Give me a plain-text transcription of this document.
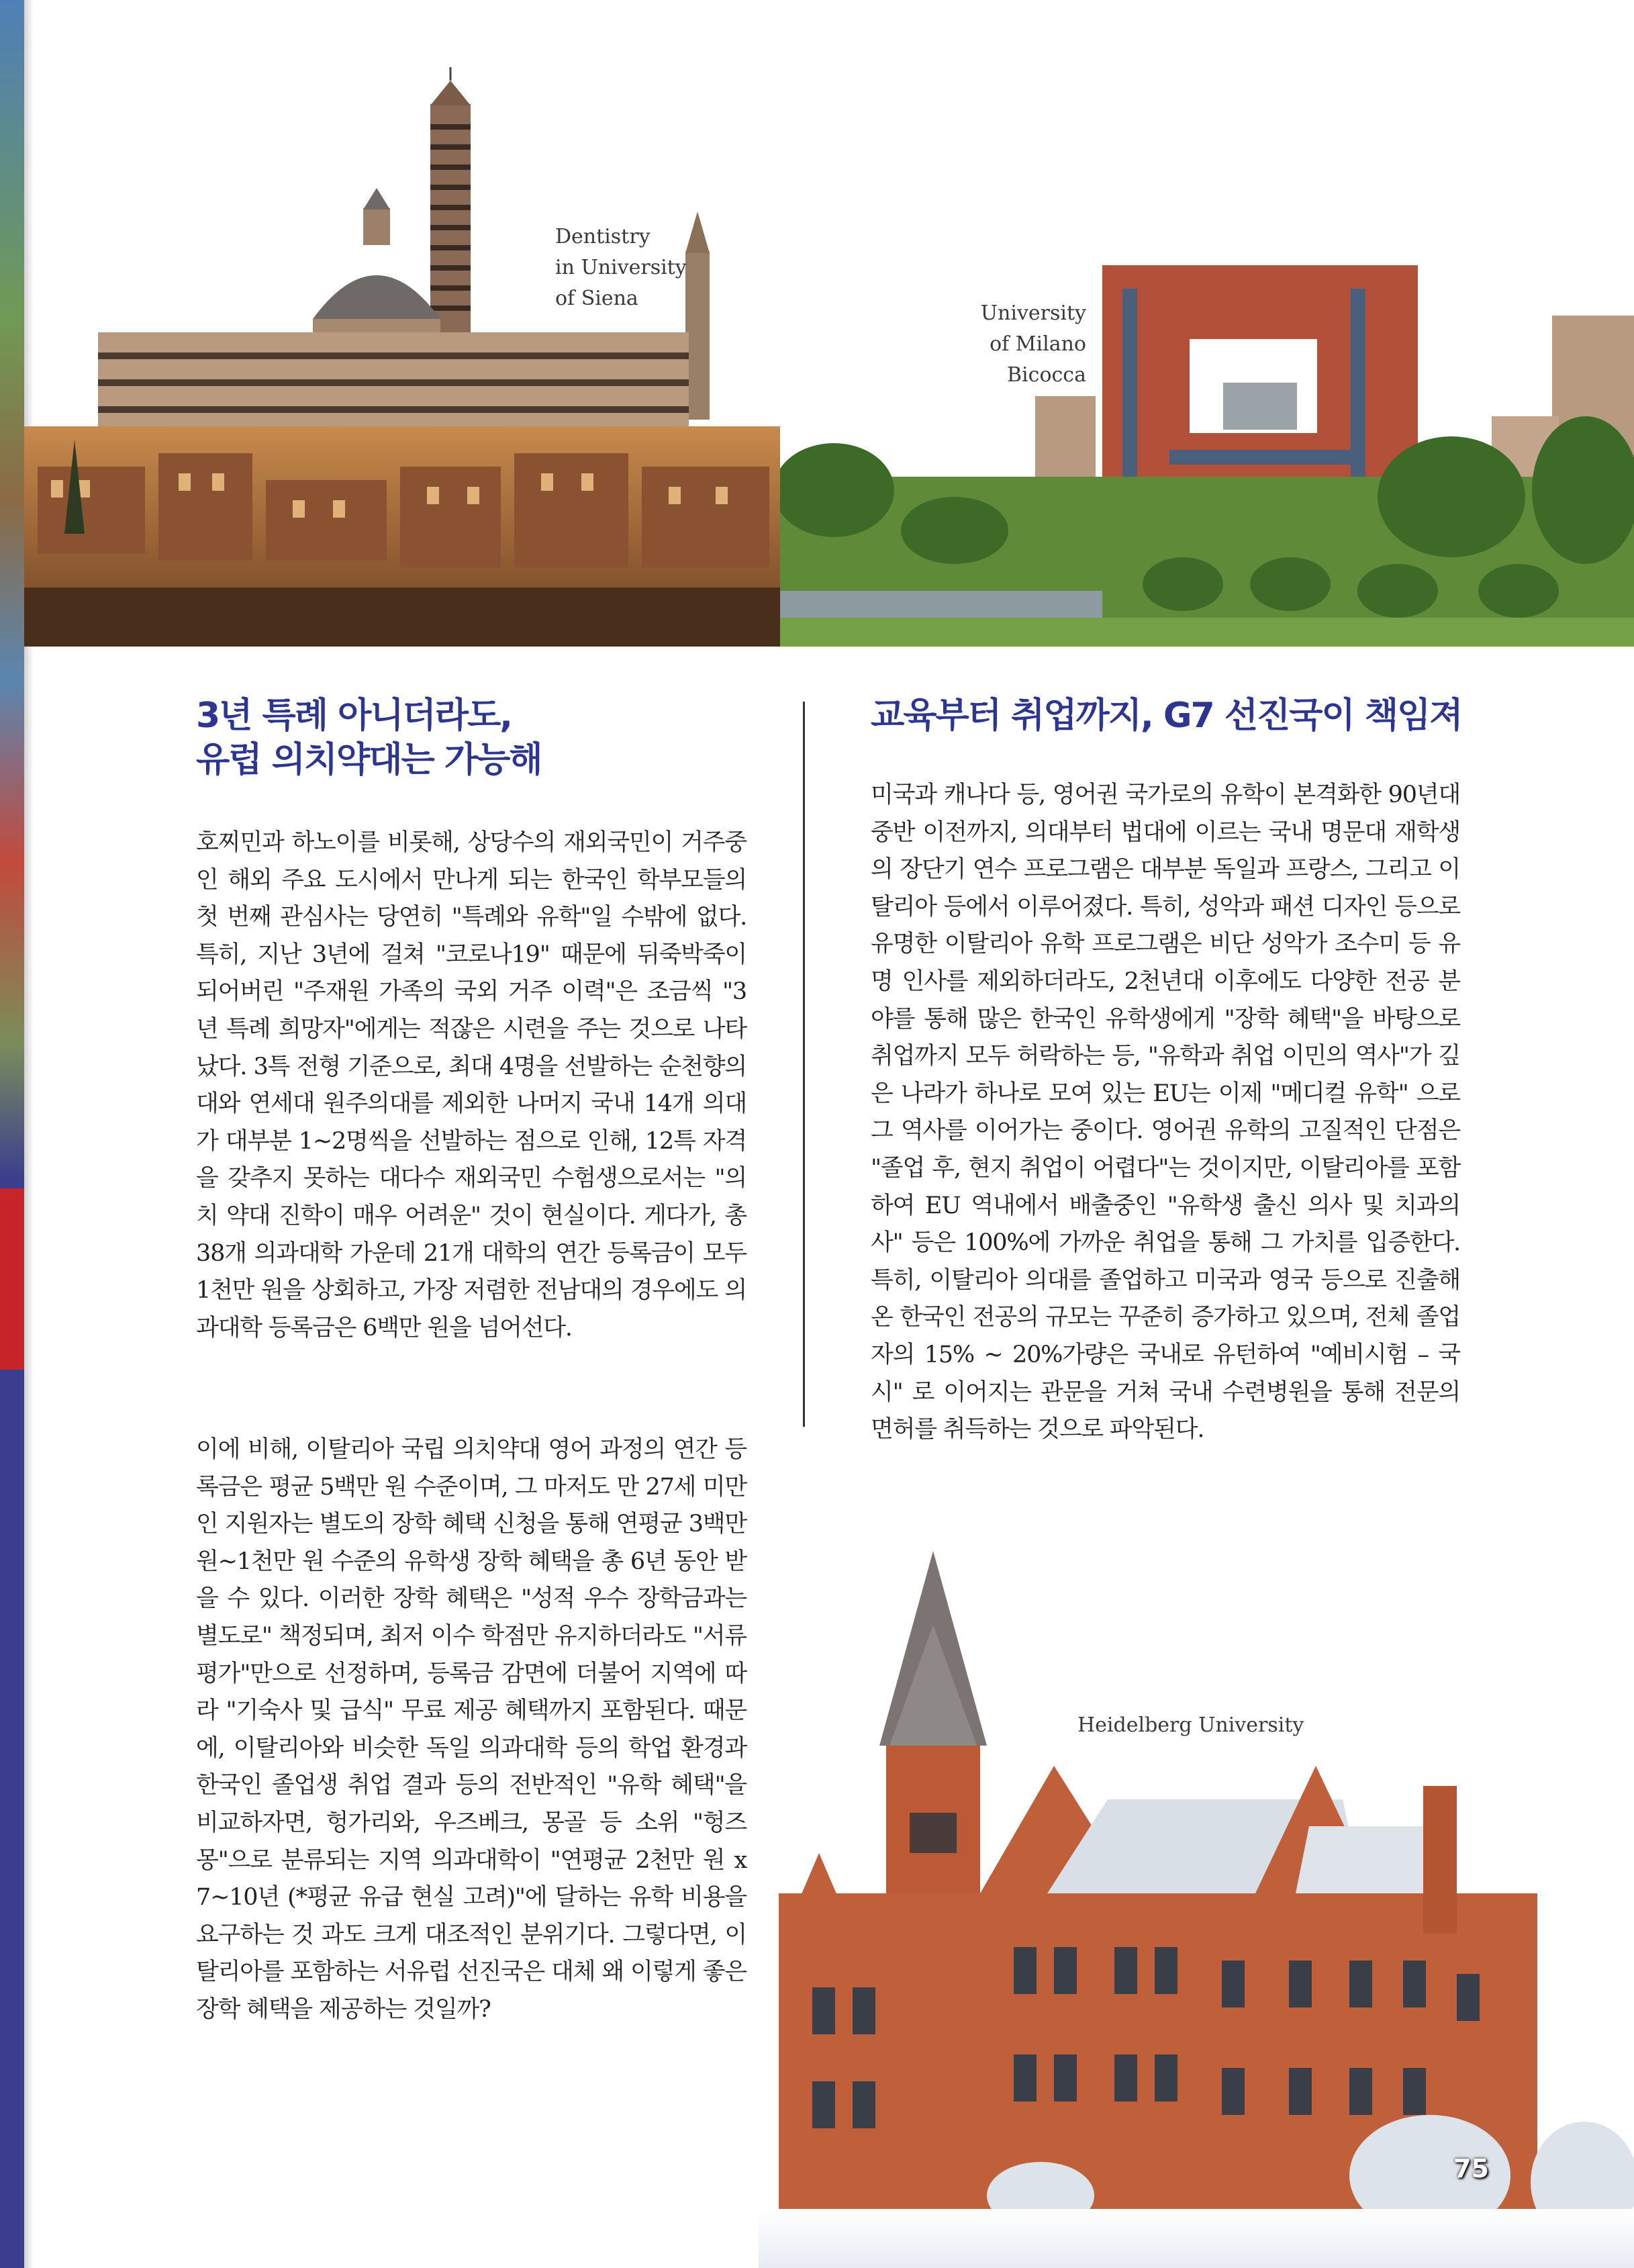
Dentistry
in University
of Siena
University
of Milano
Bicocca
3년 특례 아니더라도,
유럽 의치약대는 가능해
교육부터 취업까지, G7 선진국이 책임져
호찌민과 하노이를 비롯해, 상당수의 재외국민이 거주중인 해외 주요 도시에서 만나게 되는 한국인 학부모들의 첫 번째 관심사는 당연히 "특례와 유학"일 수밖에 없다. 특히, 지난 3년에 걸쳐 "코로나19" 때문에 뒤죽박죽이 되어버린 "주재원 가족의 국외 거주 이력"은 조금씩 "3년 특례 희망자"에게는 적잖은 시련을 주는 것으로 나타났다. 3특 전형 기준으로, 최대 4명을 선발하는 순천향의대와 연세대 원주의대를 제외한 나머지 국내 14개 의대가 대부분 1~2명씩을 선발하는 점으로 인해, 12특 자격을 갖추지 못하는 대다수 재외국민 수험생으로서는 "의치 약대 진학이 매우 어려운" 것이 현실이다. 게다가, 총 38개 의과대학 가운데 21개 대학의 연간 등록금이 모두 1천만 원을 상회하고, 가장 저렴한 전남대의 경우에도 의과대학 등록금은 6백만 원을 넘어선다.
이에 비해, 이탈리아 국립 의치약대 영어 과정의 연간 등록금은 평균 5백만 원 수준이며, 그 마저도 만 27세 미만인 지원자는 별도의 장학 혜택 신청을 통해 연평균 3백만 원~1천만 원 수준의 유학생 장학 혜택을 총 6년 동안 받을 수 있다. 이러한 장학 혜택은 "성적 우수 장학금과는 별도로" 책정되며, 최저 이수 학점만 유지하더라도 "서류 평가"만으로 선정하며, 등록금 감면에 더불어 지역에 따라 "기숙사 및 급식" 무료 제공 혜택까지 포함된다. 때문에, 이탈리아와 비슷한 독일 의과대학 등의 학업 환경과 한국인 졸업생 취업 결과 등의 전반적인 "유학 혜택"을 비교하자면, 헝가리와, 우즈베크, 몽골 등 소위 "헝즈몽"으로 분류되는 지역 의과대학이 "연평균 2천만 원 x 7~10년 (*평균 유급 현실 고려)"에 달하는 유학 비용을 요구하는 것 과도 크게 대조적인 분위기다. 그렇다면, 이탈리아를 포함하는 서유럽 선진국은 대체 왜 이렇게 좋은 장학 혜택을 제공하는 것일까?
미국과 캐나다 등, 영어권 국가로의 유학이 본격화한 90년대 중반 이전까지, 의대부터 법대에 이르는 국내 명문대 재학생의 장단기 연수 프로그램은 대부분 독일과 프랑스, 그리고 이탈리아 등에서 이루어졌다. 특히, 성악과 패션 디자인 등으로 유명한 이탈리아 유학 프로그램은 비단 성악가 조수미 등 유명 인사를 제외하더라도, 2천년대 이후에도 다양한 전공 분야를 통해 많은 한국인 유학생에게 "장학 혜택"을 바탕으로 취업까지 모두 허락하는 등, "유학과 취업 이민의 역사"가 깊은 나라가 하나로 모여 있는 EU는 이제 "메디컬 유학" 으로 그 역사를 이어가는 중이다. 영어권 유학의 고질적인 단점은 "졸업 후, 현지 취업이 어렵다"는 것이지만, 이탈리아를 포함하여 EU 역내에서 배출중인 "유학생 출신 의사 및 치과의사" 등은 100%에 가까운 취업을 통해 그 가치를 입증한다. 특히, 이탈리아 의대를 졸업하고 미국과 영국 등으로 진출해 온 한국인 전공의 규모는 꾸준히 증가하고 있으며, 전체 졸업자의 15% ~ 20%가량은 국내로 유턴하여 "예비시험 – 국시" 로 이어지는 관문을 거쳐 국내 수련병원을 통해 전문의 면허를 취득하는 것으로 파악된다.
Heidelberg University
75
